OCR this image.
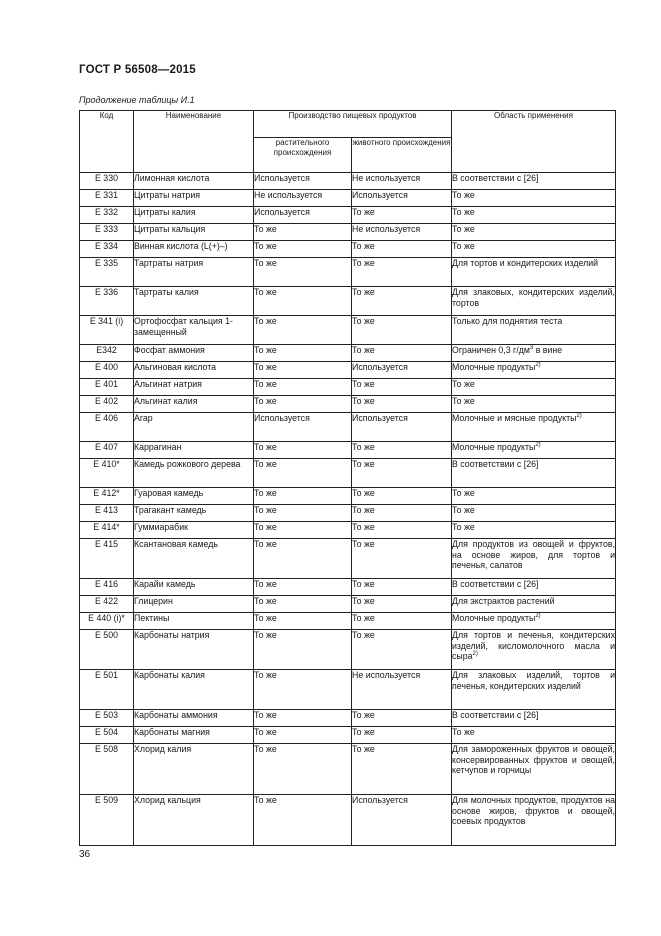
ГОСТ Р 56508—2015
Продолжение таблицы И.1
Код	Наименование	Производство пищевых продуктов		Область применения
		растительного происхождения	животного происхождения	
E 330	Лимонная кислота	Используется	Не используется	В соответствии с [26]
E 331	Цитраты натрия	Не используется	Используется	То же
E 332	Цитраты калия	Используется	То же	То же
E 333	Цитраты кальция	То же	Не используется	То же
E 334	Винная кислота (L(+)–)	То же	То же	То же
E 335	Тартраты натрия	То же	То же	Для тортов и кондитерских изделий
E 336	Тартраты калия	То же	То же	Для злаковых, кондитерских изделий, тортов
E 341 (i)	Ортофосфат кальция 1-замещенный	То же	То же	Только для поднятия теста
E342	Фосфат аммония	То же	То же	Ограничен 0,3 $г/дм^3$ в вине
E 400	Альгиновая кислота	То же	Используется	Молочные продукты$^{2)}$
E 401	Альгинат натрия	То же	То же	То же
E 402	Альгинат калия	То же	То же	То же
E 406	Агар	Используется	Используется	Молочные и мясные продукты$^{2)}$
E 407	Каррагинан	То же	То же	Молочные продукты$^{2)}$
E 410*	Камедь рожкового дерева	То же	То же	В соответствии с [26]
E 412*	Гуаровая камедь	То же	То же	То же
E 413	Трагакант камедь	То же	То же	То же
E 414*	Гуммиарабик	То же	То же	То же
E 415	Ксантановая камедь	То же	То же	Для продуктов из овощей и фруктов, на основе жиров, для тортов и печенья, салатов
E 416	Карайи камедь	То же	То же	В соответствии с [26]
E 422	Глицерин	То же	То же	Для экстрактов растений
E 440 (i)*	Пектины	То же	То же	Молочные продукты$^{2)}$
E 500	Карбонаты натрия	То же	То же	Для тортов и печенья, кондитерских изделий, кисломолочного масла и сыра$^{2)}$
E 501	Карбонаты калия	То же	Не используется	Для злаковых изделий, тортов и печенья, кондитерских изделий
E 503	Карбонаты аммония	То же	То же	В соответствии с [26]
E 504	Карбонаты магния	То же	То же	То же
E 508	Хлорид калия	То же	То же	Для замороженных фруктов и овощей, консервированных фруктов и овощей, кетчупов и горчицы
E 509	Хлорид кальция	То же	Используется	Для молочных продуктов, продуктов на основе жиров, фруктов и овощей, соевых продуктов
36
